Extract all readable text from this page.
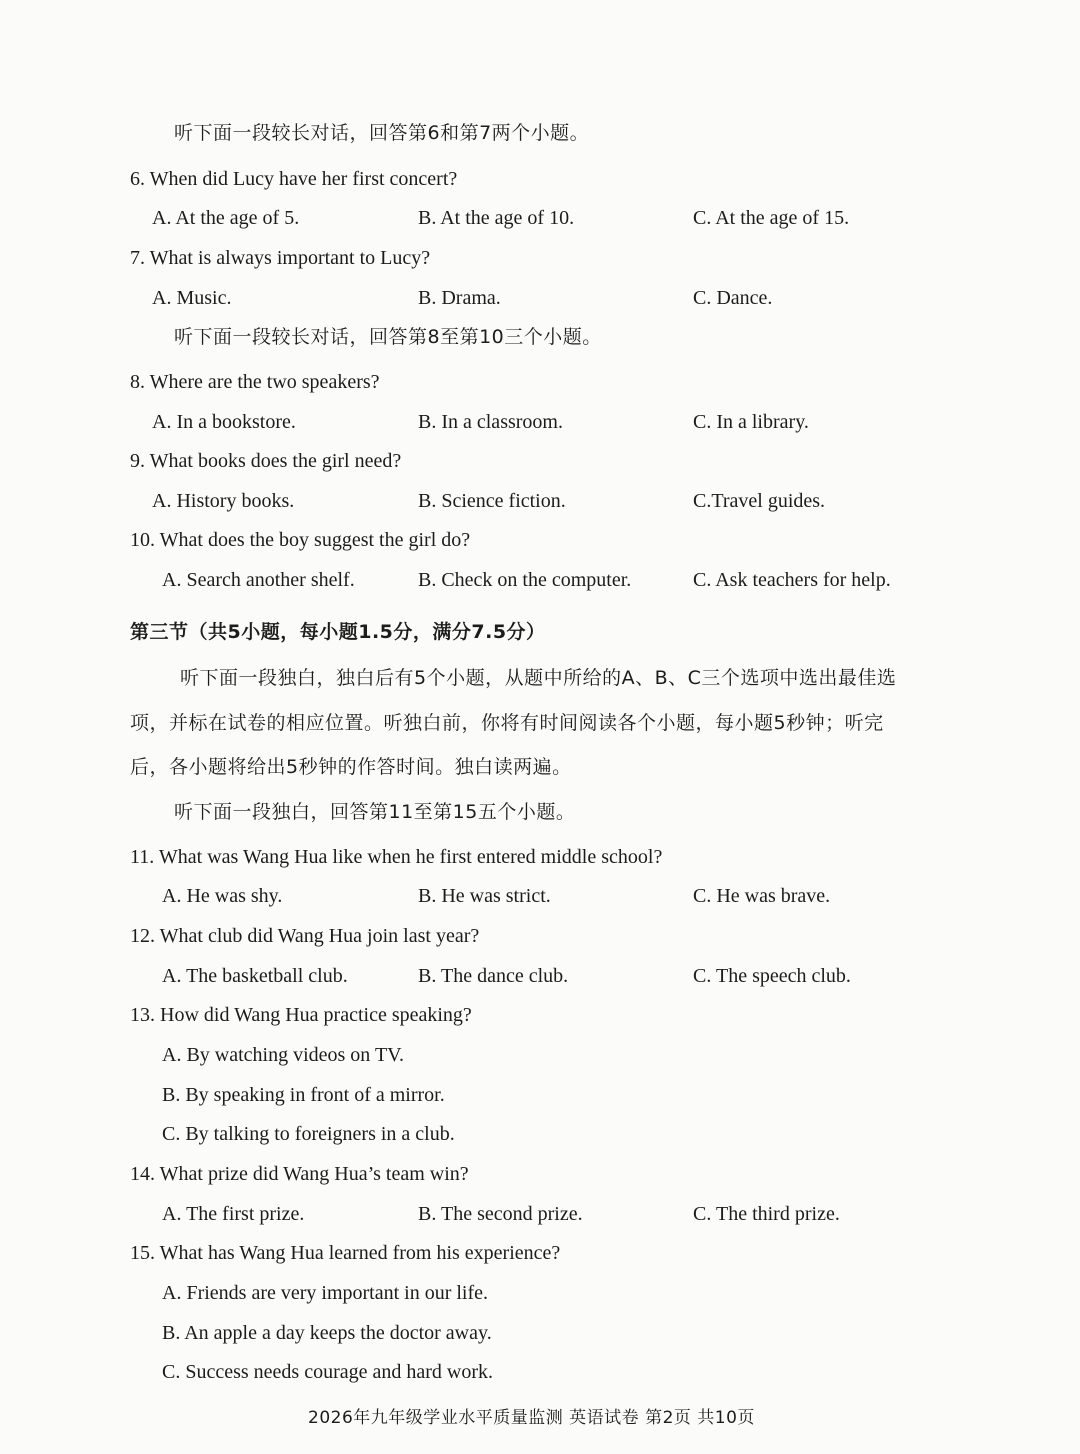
听下面一段较长对话，回答第6和第7两个小题。
6. When did Lucy have her first concert?
A. At the age of 5.	B. At the age of 10.	C. At the age of 15.
7. What is always important to Lucy?
A. Music.	B. Drama.	C. Dance.
听下面一段较长对话，回答第8至第10三个小题。
8. Where are the two speakers?
A. In a bookstore.	B. In a classroom.	C. In a library.
9. What books does the girl need?
A. History books.	B. Science fiction.	C.Travel guides.
10. What does the boy suggest the girl do?
A. Search another shelf.	B. Check on the computer.	C. Ask teachers for help.
第三节（共5小题，每小题1.5分，满分7.5分）
听下面一段独白，独白后有5个小题，从题中所给的A、B、C三个选项中选出最佳选
项，并标在试卷的相应位置。听独白前，你将有时间阅读各个小题，每小题5秒钟；听完
后，各小题将给出5秒钟的作答时间。独白读两遍。
听下面一段独白，回答第11至第15五个小题。
11. What was Wang Hua like when he first entered middle school?
A. He was shy.	B. He was strict.	C. He was brave.
12. What club did Wang Hua join last year?
A. The basketball club.	B. The dance club.	C. The speech club.
13. How did Wang Hua practice speaking?
A. By watching videos on TV.
B. By speaking in front of a mirror.
C. By talking to foreigners in a club.
14. What prize did Wang Hua’s team win?
A. The first prize.	B. The second prize.	C. The third prize.
15. What has Wang Hua learned from his experience?
A. Friends are very important in our life.
B. An apple a day keeps the doctor away.
C. Success needs courage and hard work.
2026年九年级学业水平质量监测 英语试卷 第2页 共10页
